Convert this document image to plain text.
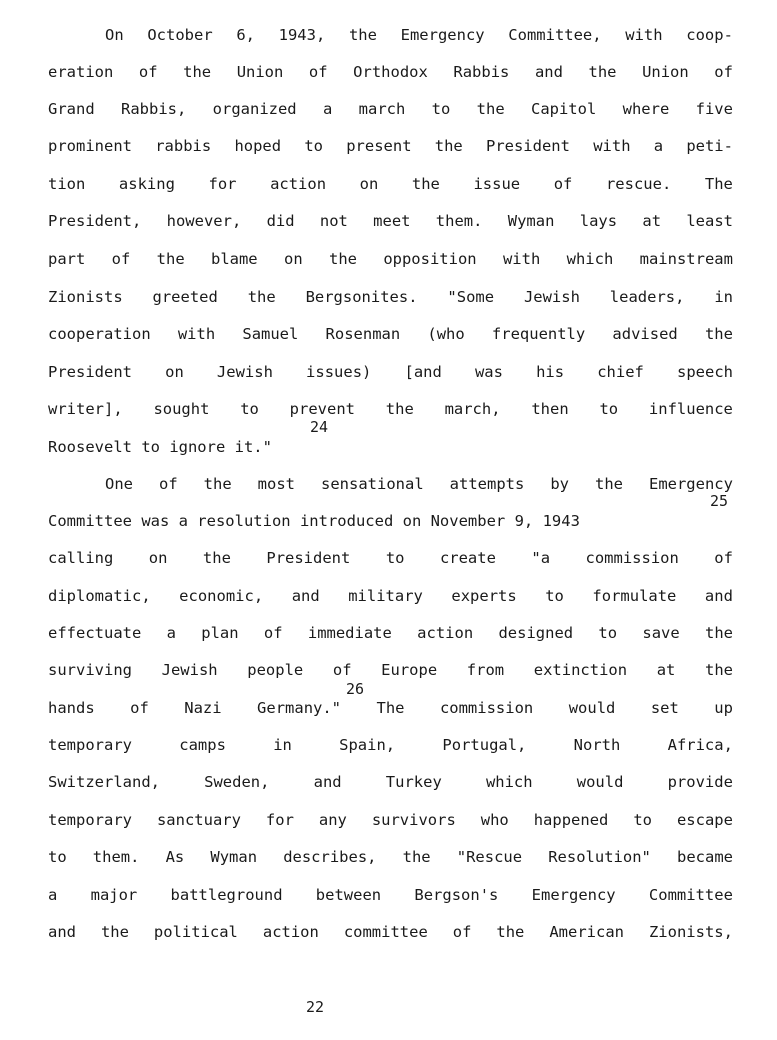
On October 6, 1943, the Emergency Committee, with coop-
eration of the Union of Orthodox Rabbis and the Union of
Grand Rabbis, organized a march to the Capitol where five
prominent rabbis hoped to present the President with a peti-
tion asking for action on the issue of rescue. The
President, however, did not meet them. Wyman lays at least
part of the blame on the opposition with which mainstream
Zionists greeted the Bergsonites. "Some Jewish leaders, in
cooperation with Samuel Rosenman (who frequently advised the
President on Jewish issues) [and was his chief speech
writer], sought to prevent the march, then to influence
Roosevelt to ignore it."
One of the most sensational attempts by the Emergency
Committee was a resolution introduced on November 9, 1943
calling on the President to create "a commission of
diplomatic, economic, and military experts to formulate and
effectuate a plan of immediate action designed to save the
surviving Jewish people of Europe from extinction at the
hands of Nazi Germany." The commission would set up
temporary	camps	in	Spain,	Portugal,	North	Africa,
Switzerland,	Sweden,	and	Turkey	which	would	provide
temporary sanctuary for any survivors who happened to escape
to them. As Wyman describes, the "Rescue Resolution" became
a major battleground between Bergson's Emergency Committee
and the political action committee of the American Zionists,
24
25
26
22
